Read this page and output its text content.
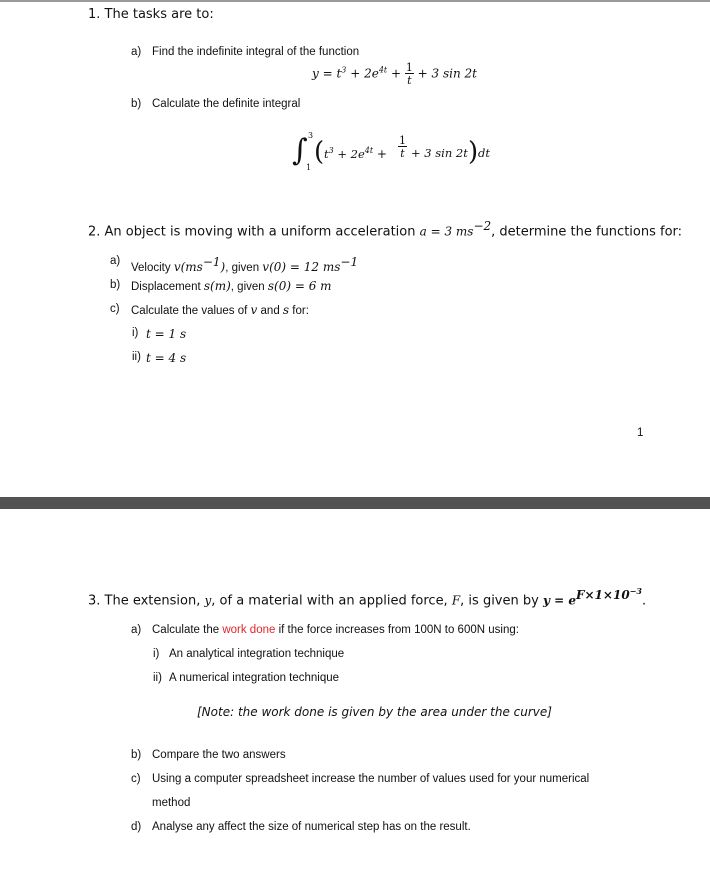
1. The tasks are to:
a) Find the indefinite integral of the function
$y = t^3 + 2e^{4t} + \frac{1}{t} + 3$ sin 2t
b) Calculate the definite integral
∫ 3
1
( $t^3 + 2e^{4t} + \frac{1}{t} + 3$ sin 2t ) dt
2. An object is moving with a uniform acceleration a = 3 $ms^{-2}$, determine the functions for:
a)
Velocity $v(ms^{-1})$, given v(0) = 12 $ms^{-1}$
b) Displacement s(m), given s(0) = 6 m
c) Calculate the values of v and s for:
i) t = 1 s
ii) t = 4 s
1
3. The extension, y, of a material with an applied force, F, is given by $y = e^{F\times 1\times 10^{-3}}$.
a) Calculate the work done if the force increases from 100N to 600N using:
i) An analytical integration technique
ii) A numerical integration technique
[Note: the work done is given by the area under the curve]
b) Compare the two answers
c) Using a computer spreadsheet increase the number of values used for your numerical
method
d) Analyse any affect the size of numerical step has on the result.
